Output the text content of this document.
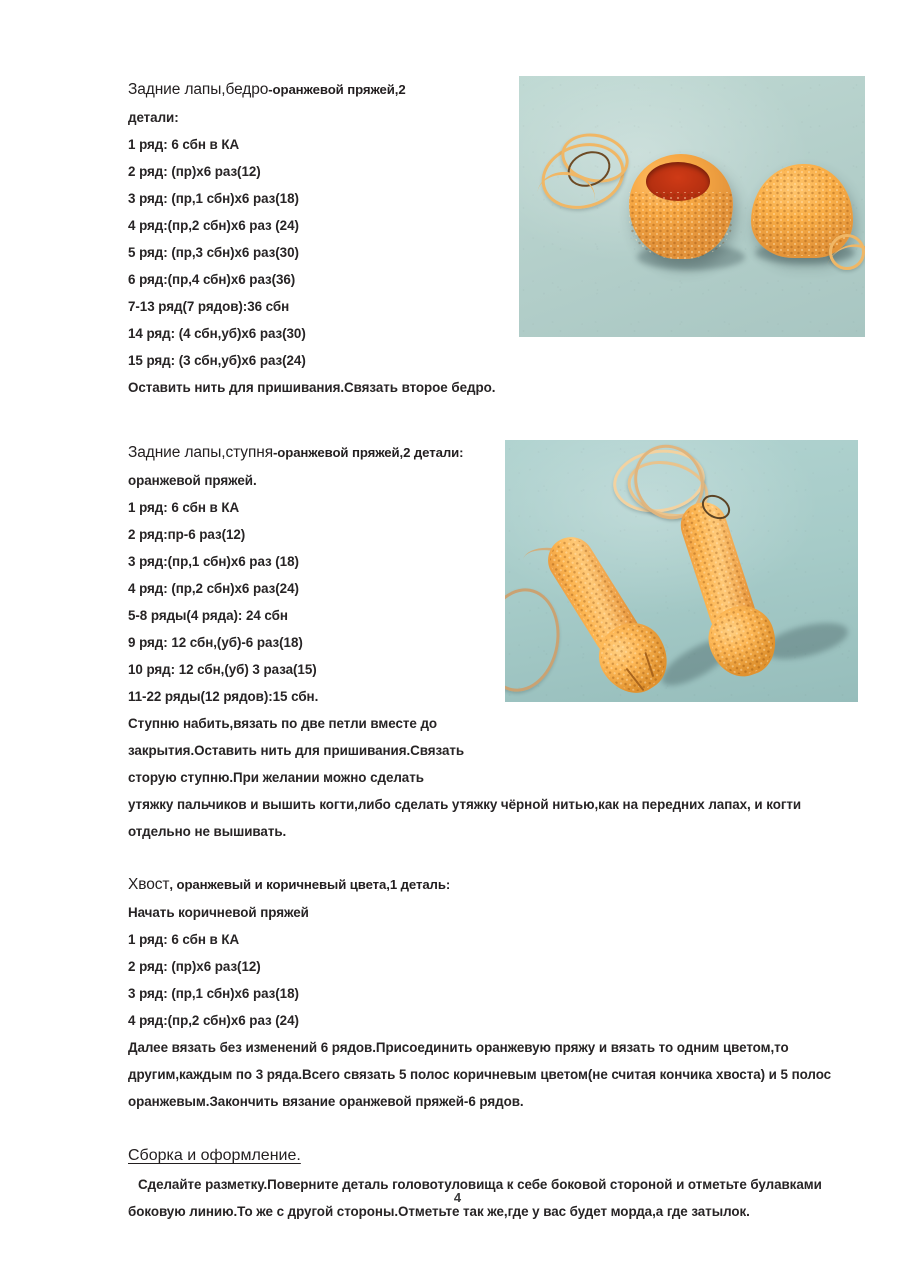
Задние лапы,бедро-оранжевой пряжей,2
детали:
1 ряд: 6 сбн в КА
2 ряд: (пр)х6 раз(12)
3 ряд: (пр,1 сбн)х6 раз(18)
4 ряд:(пр,2 сбн)х6 раз (24)
5 ряд: (пр,3 сбн)х6 раз(30)
6 ряд:(пр,4 сбн)х6 раз(36)
7-13 ряд(7 рядов):36 сбн
14 ряд: (4 сбн,уб)х6 раз(30)
15 ряд: (3 сбн,уб)х6 раз(24)
Оставить нить для пришивания.Связать второе бедро.
Задние лапы,ступня-оранжевой пряжей,2 детали:
оранжевой пряжей.
1 ряд: 6 сбн в КА
2 ряд:пр-6 раз(12)
3 ряд:(пр,1 сбн)х6 раз (18)
4 ряд: (пр,2 сбн)х6 раз(24)
5-8 ряды(4 ряда): 24 сбн
9 ряд: 12 сбн,(уб)-6 раз(18)
10 ряд: 12 сбн,(уб) 3 раза(15)
11-22 ряды(12 рядов):15 сбн.
Ступню набить,вязать по две петли вместе до закрытия.Оставить нить для пришивания.Связать сторую ступню.При желании можно сделать
утяжку пальчиков и вышить когти,либо сделать утяжку чёрной нитью,как на передних лапах, и когти отдельно не вышивать.
Хвост, оранжевый и коричневый цвета,1 деталь:
Начать коричневой пряжей
1 ряд: 6 сбн в КА
2 ряд: (пр)х6 раз(12)
3 ряд: (пр,1 сбн)х6 раз(18)
4 ряд:(пр,2 сбн)х6 раз (24)
Далее вязать без изменений 6 рядов.Присоединить оранжевую пряжу и вязать то одним цветом,то другим,каждым по 3 ряда.Всего связать 5 полос коричневым цветом(не считая кончика хвоста) и 5 полос оранжевым.Закончить вязание оранжевой пряжей-6 рядов.
Сборка и оформление.
Сделайте разметку.Поверните деталь головотуловища к себе боковой стороной и отметьте булавками боковую линию.То же с другой стороны.Отметьте так же,где у вас будет морда,а где затылок.
4
